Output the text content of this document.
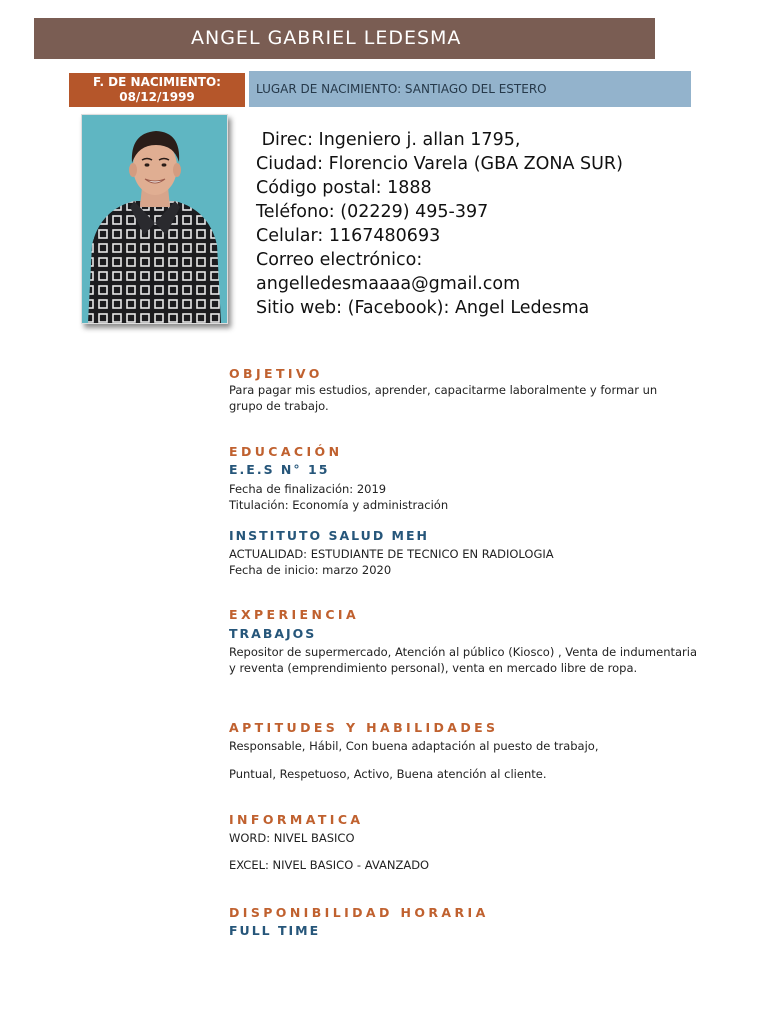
ANGEL GABRIEL LEDESMA
F. DE NACIMIENTO:
08/12/1999
LUGAR DE NACIMIENTO: SANTIAGO DEL ESTERO
Direc: Ingeniero j. allan 1795,
Ciudad: Florencio Varela (GBA ZONA SUR)
Código postal: 1888
Teléfono: (02229) 495-397
Celular: 1167480693
Correo electrónico:
angelledesmaaaa@gmail.com
Sitio web: (Facebook): Angel Ledesma
OBJETIVO
Para pagar mis estudios, aprender, capacitarme laboralmente y formar un grupo de trabajo.
EDUCACIÓN
E.E.S N° 15
Fecha de finalización: 2019
Titulación: Economía y administración
INSTITUTO SALUD MEH
ACTUALIDAD: ESTUDIANTE DE TECNICO EN RADIOLOGIA
Fecha de inicio: marzo 2020
EXPERIENCIA
TRABAJOS
Repositor de supermercado, Atención al público (Kiosco) , Venta de indumentaria y reventa (emprendimiento personal), venta en mercado libre de ropa.
APTITUDES Y HABILIDADES
Responsable, Hábil, Con buena adaptación al puesto de trabajo,
Puntual, Respetuoso, Activo, Buena atención al cliente.
INFORMATICA
WORD: NIVEL BASICO
EXCEL: NIVEL BASICO - AVANZADO
DISPONIBILIDAD HORARIA
FULL TIME
